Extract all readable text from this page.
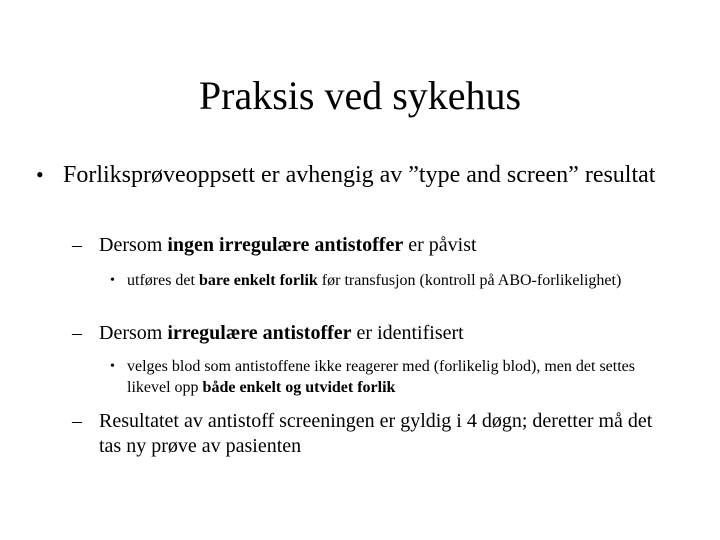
Praksis ved sykehus
• Forliksprøveoppsett er avhengig av ”type and screen” resultat
– Dersom ingen irregulære antistoffer er påvist
• utføres det bare enkelt forlik før transfusjon (kontroll på ABO-forlikelighet)
– Dersom irregulære antistoffer er identifisert
• velges blod som antistoffene ikke reagerer med (forlikelig blod), men det settes likevel opp både enkelt og utvidet forlik
– Resultatet av antistoff screeningen er gyldig i 4 døgn; deretter må det tas ny prøve av pasienten
